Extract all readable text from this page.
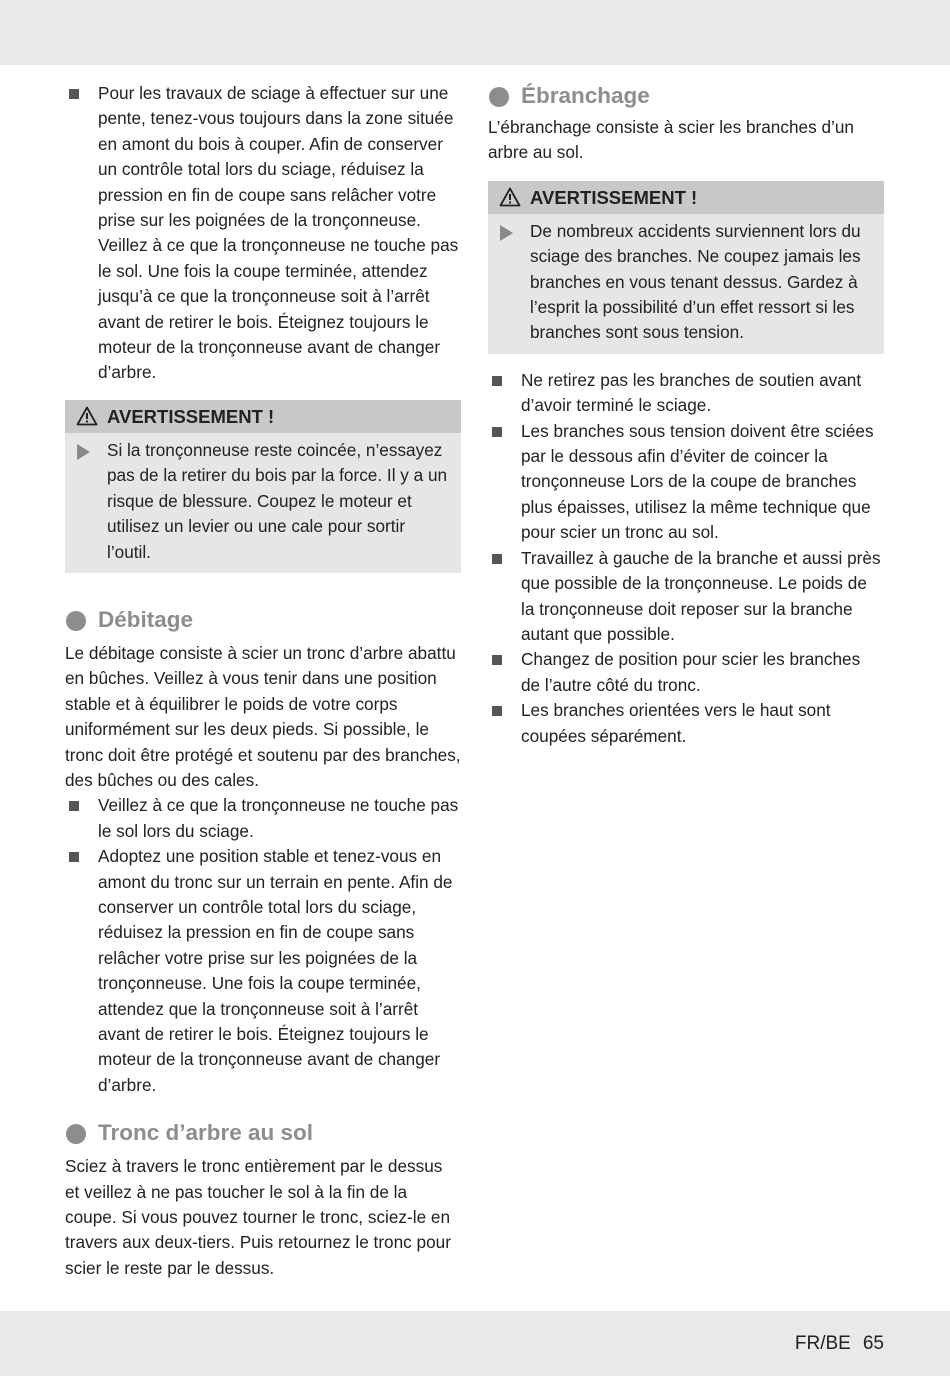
Pour les travaux de sciage à effectuer sur une pente, tenez-vous toujours dans la zone située en amont du bois à couper. Afin de conserver un contrôle total lors du sciage, réduisez la pression en fin de coupe sans relâcher votre prise sur les poignées de la tronçonneuse. Veillez à ce que la tronçonneuse ne touche pas le sol. Une fois la coupe terminée, attendez jusqu’à ce que la tronçonneuse soit à l’arrêt avant de retirer le bois. Éteignez toujours le moteur de la tronçonneuse avant de changer d’arbre.
AVERTISSEMENT !
Si la tronçonneuse reste coincée, n’essayez pas de la retirer du bois par la force. Il y a un risque de blessure. Coupez le moteur et utilisez un levier ou une cale pour sortir l’outil.
Débitage

Le débitage consiste à scier un tronc d’arbre abattu en bûches. Veillez à vous tenir dans une position stable et à équilibrer le poids de votre corps uniformément sur les deux pieds. Si possible, le tronc doit être protégé et soutenu par des branches, des bûches ou des cales.

Veillez à ce que la tronçonneuse ne touche pas le sol lors du sciage.
Adoptez une position stable et tenez-vous en amont du tronc sur un terrain en pente. Afin de conserver un contrôle total lors du sciage, réduisez la pression en fin de coupe sans relâcher votre prise sur les poignées de la tronçonneuse. Une fois la coupe terminée, attendez que la tronçonneuse soit à l’arrêt avant de retirer le bois. Éteignez toujours le moteur de la tronçonneuse avant de changer d’arbre.
Tronc d’arbre au sol

Sciez à travers le tronc entièrement par le dessus et veillez à ne pas toucher le sol à la fin de la coupe. Si vous pouvez tourner le tronc, sciez-le en travers aux deux-tiers. Puis retournez le tronc pour scier le reste par le dessus.

Ébranchage

L’ébranchage consiste à scier les branches d’un arbre au sol.

AVERTISSEMENT !
De nombreux accidents surviennent lors du sciage des branches. Ne coupez jamais les branches en vous tenant dessus. Gardez à l’esprit la possibilité d’un effet ressort si les branches sont sous tension.
Ne retirez pas les branches de soutien avant d’avoir terminé le sciage.
Les branches sous tension doivent être sciées par le dessous afin d’éviter de coincer la tronçonneuse Lors de la coupe de branches plus épaisses, utilisez la même technique que pour scier un tronc au sol.
Travaillez à gauche de la branche et aussi près que possible de la tronçonneuse. Le poids de la tronçonneuse doit reposer sur la branche autant que possible.
Changez de position pour scier les branches de l’autre côté du tronc.
Les branches orientées vers le haut sont coupées séparément.
FR/BE 65
